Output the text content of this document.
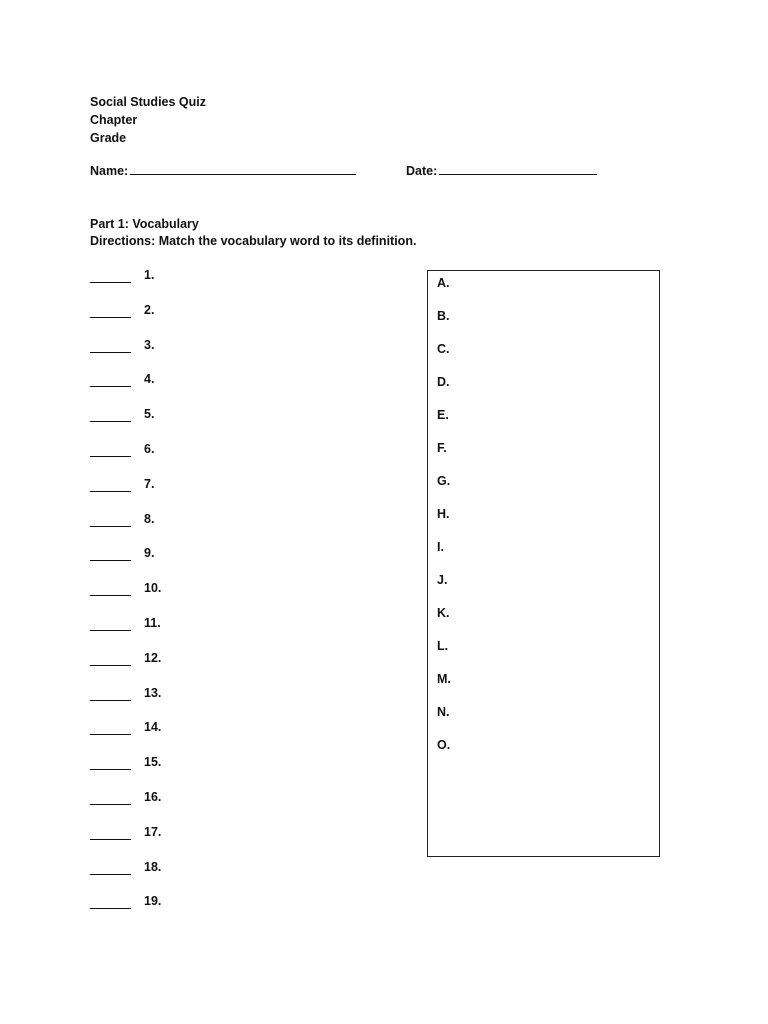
Social Studies Quiz
Chapter
Grade
Name:	Date:
Part 1: Vocabulary
Directions: Match the vocabulary word to its definition.
1.
2.
3.
4.
5.
6.
7.
8.
9.
10.
11.
12.
13.
14.
15.
16.
17.
18.
19.
A.
B.
C.
D.
E.
F.
G.
H.
I.
J.
K.
L.
M.
N.
O.
